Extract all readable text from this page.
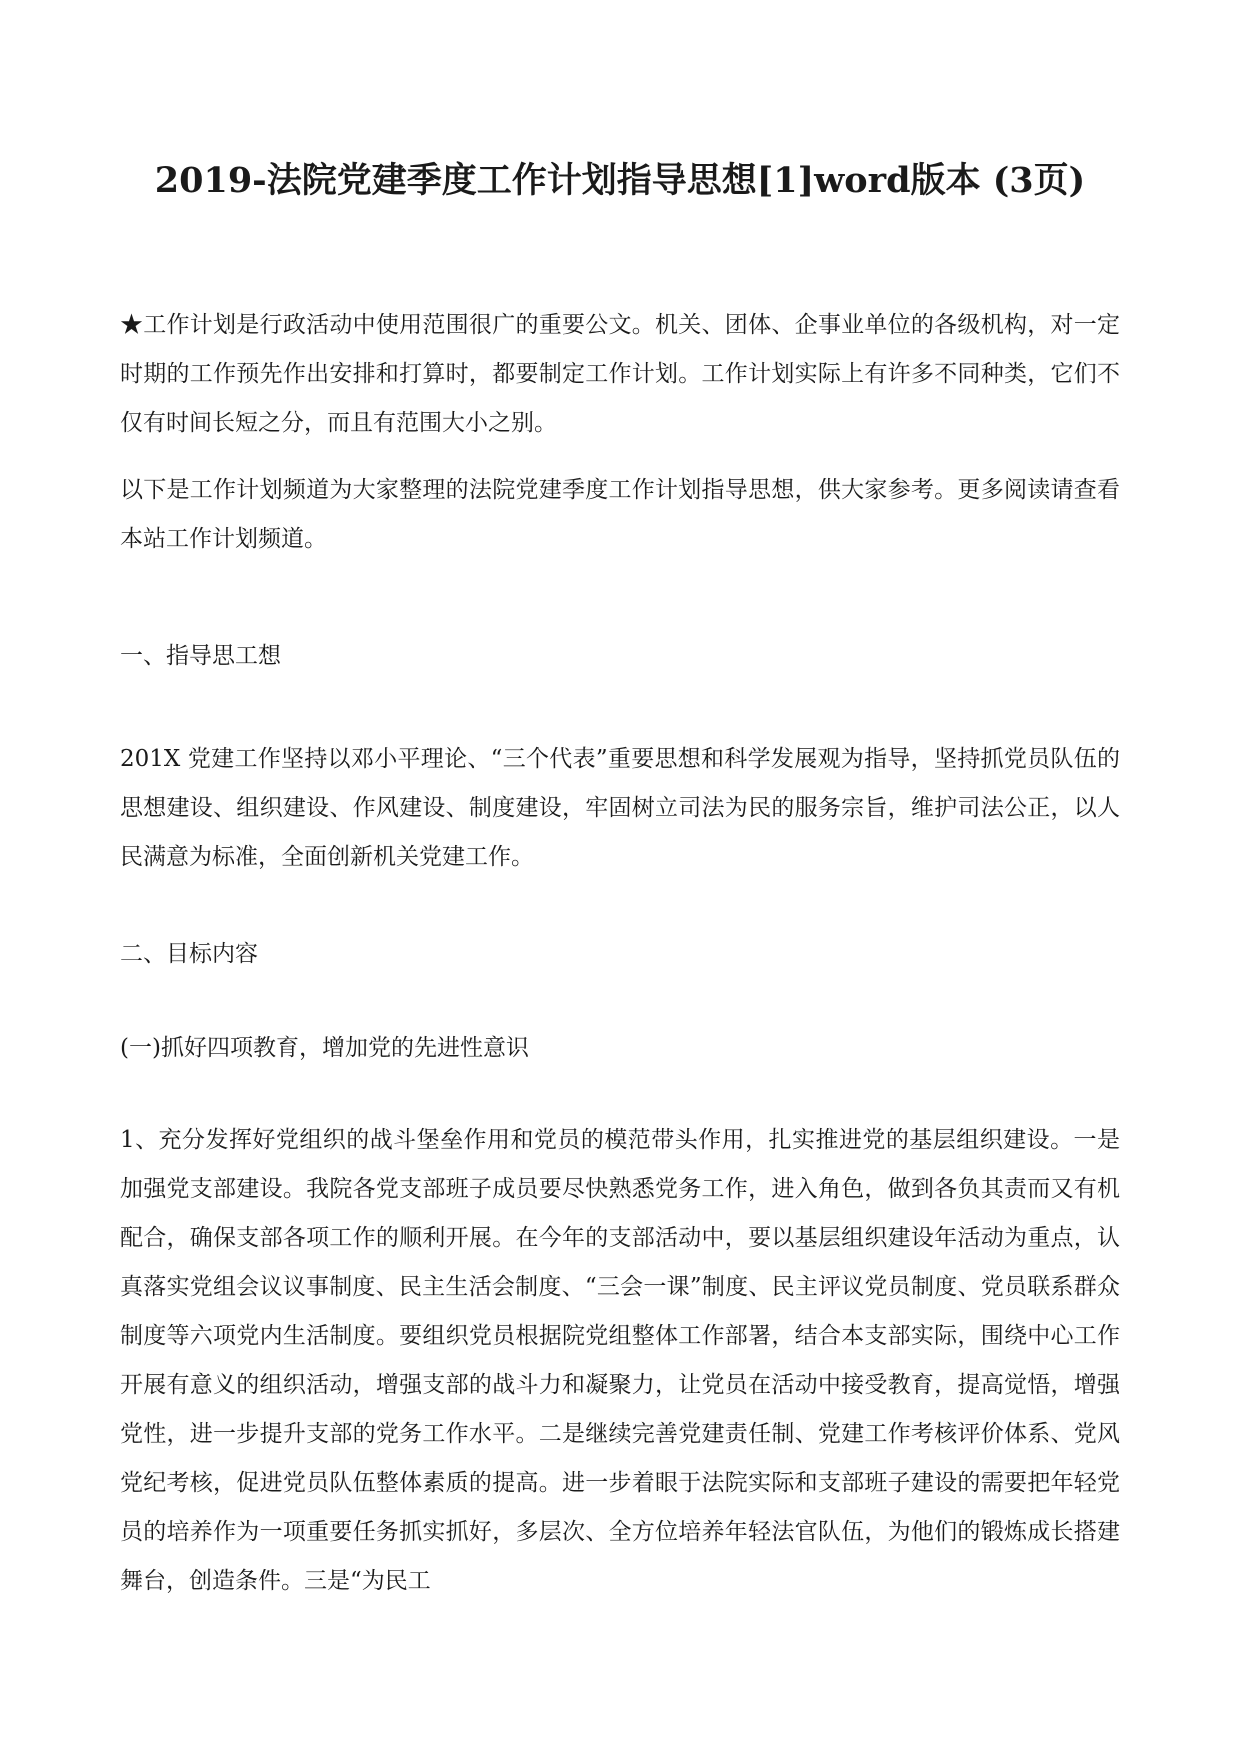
2019-法院党建季度工作计划指导思想[1]word版本 (3页)

★工作计划是行政活动中使用范围很广的重要公文。机关、团体、企事业单位的各级机构，对一定时期的工作预先作出安排和打算时，都要制定工作计划。工作计划实际上有许多不同种类，它们不仅有时间长短之分，而且有范围大小之别。

以下是工作计划频道为大家整理的法院党建季度工作计划指导思想，供大家参考。更多阅读请查看本站工作计划频道。

一、指导思工想

201X 党建工作坚持以邓小平理论、“三个代表”重要思想和科学发展观为指导，坚持抓党员队伍的思想建设、组织建设、作风建设、制度建设，牢固树立司法为民的服务宗旨，维护司法公正，以人民满意为标准，全面创新机关党建工作。

二、目标内容

(一)抓好四项教育，增加党的先进性意识

1、充分发挥好党组织的战斗堡垒作用和党员的模范带头作用，扎实推进党的基层组织建设。一是加强党支部建设。我院各党支部班子成员要尽快熟悉党务工作，进入角色，做到各负其责而又有机配合，确保支部各项工作的顺利开展。在今年的支部活动中，要以基层组织建设年活动为重点，认真落实党组会议议事制度、民主生活会制度、“三会一课”制度、民主评议党员制度、党员联系群众制度等六项党内生活制度。要组织党员根据院党组整体工作部署，结合本支部实际，围绕中心工作开展有意义的组织活动，增强支部的战斗力和凝聚力，让党员在活动中接受教育，提高觉悟，增强党性，进一步提升支部的党务工作水平。二是继续完善党建责任制、党建工作考核评价体系、党风党纪考核，促进党员队伍整体素质的提高。进一步着眼于法院实际和支部班子建设的需要把年轻党员的培养作为一项重要任务抓实抓好，多层次、全方位培养年轻法官队伍，为他们的锻炼成长搭建舞台，创造条件。三是“为民工
